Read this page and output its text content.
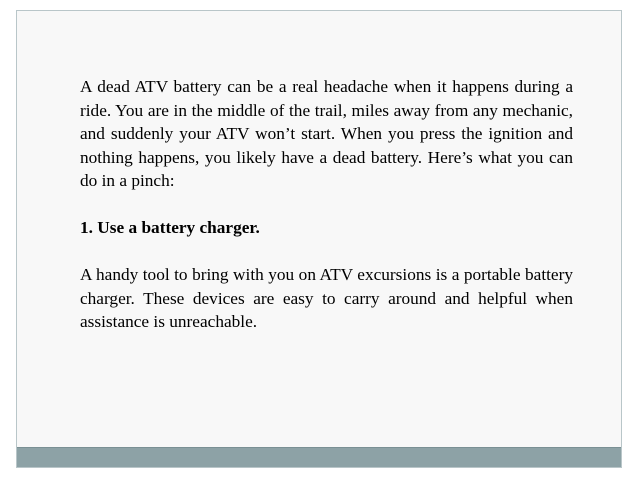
A dead ATV battery can be a real headache when it happens during a ride. You are in the middle of the trail, miles away from any mechanic, and suddenly your ATV won’t start. When you press the ignition and nothing happens, you likely have a dead battery. Here’s what you can do in a pinch:

1. Use a battery charger.

A handy tool to bring with you on ATV excursions is a portable battery charger. These devices are easy to carry around and helpful when assistance is unreachable.
